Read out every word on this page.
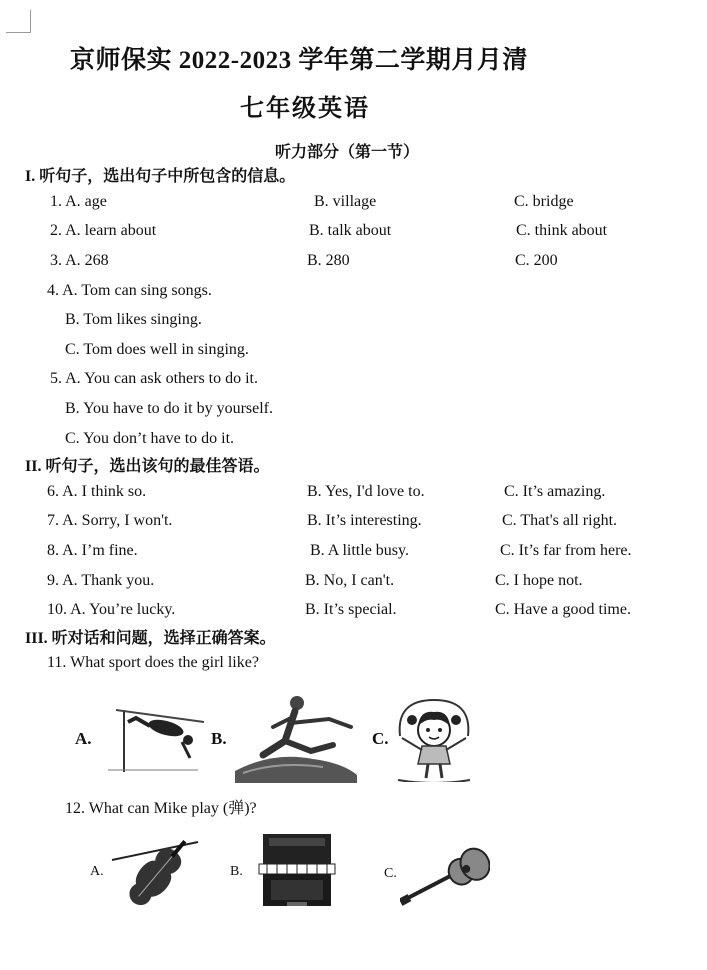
京师保实 2022-2023 学年第二学期月月清
七年级英语
听力部分（第一节）
I. 听句子，选出句子中所包含的信息。
1. A. age	B. village	C. bridge
2. A. learn about	B. talk about	C. think about
3. A. 268	B. 280	C. 200
4. A. Tom can sing songs.
B. Tom likes singing.
C. Tom does well in singing.
5. A. You can ask others to do it.
B. You have to do it by yourself.
C. You don’t have to do it.
II. 听句子，选出该句的最佳答语。
6. A. I think so.	B. Yes, I'd love to.	C. It’s amazing.
7. A. Sorry, I won't.	B. It’s interesting.	C. That's all right.
8. A. I’m fine.	B. A little busy.	C. It’s far from here.
9. A. Thank you.	B. No, I can't.	C. I hope not.
10. A. You’re lucky.	B. It’s special.	C. Have a good time.
III. 听对话和问题，选择正确答案。
11. What sport does the girl like?
A.	B.	C.
12. What can Mike play (弹)?
A.	B.	C.
